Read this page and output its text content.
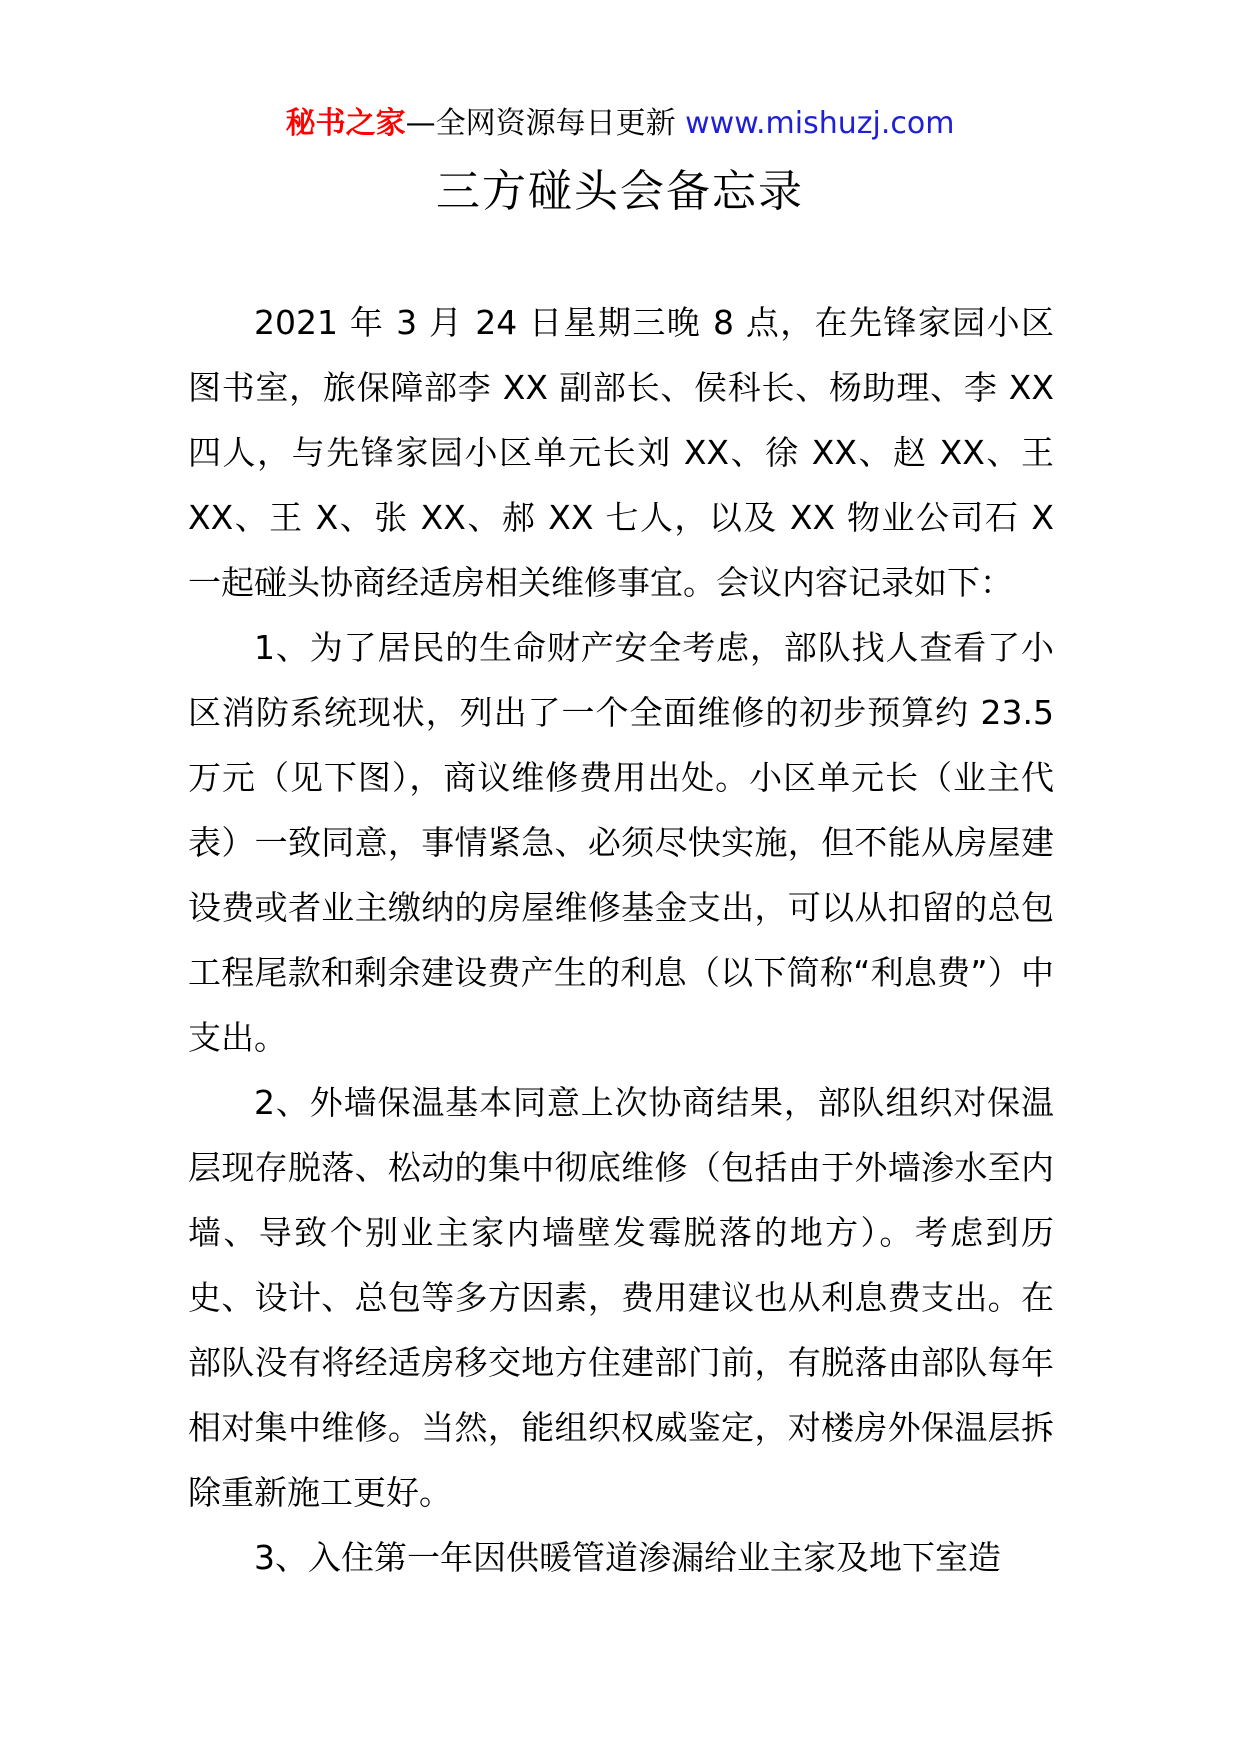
秘书之家—全网资源每日更新 www.mishuzj.com
三方碰头会备忘录

2021 年 3 月 24 日星期三晚 8 点，在先锋家园小区图书室，旅保障部李 XX 副部长、侯科长、杨助理、李 XX 四人，与先锋家园小区单元长刘 XX、徐 XX、赵 XX、王 XX、王 X、张 XX、郝 XX 七人，以及 XX 物业公司石 X 一起碰头协商经适房相关维修事宜。会议内容记录如下：

1、为了居民的生命财产安全考虑，部队找人查看了小区消防系统现状，列出了一个全面维修的初步预算约 23.5 万元（见下图），商议维修费用出处。小区单元长（业主代表）一致同意，事情紧急、必须尽快实施，但不能从房屋建设费或者业主缴纳的房屋维修基金支出，可以从扣留的总包工程尾款和剩余建设费产生的利息（以下简称“利息费”）中支出。

2、外墙保温基本同意上次协商结果，部队组织对保温层现存脱落、松动的集中彻底维修（包括由于外墙渗水至内墙、导致个别业主家内墙壁发霉脱落的地方）。考虑到历史、设计、总包等多方因素，费用建议也从利息费支出。在部队没有将经适房移交地方住建部门前，有脱落由部队每年相对集中维修。当然，能组织权威鉴定，对楼房外保温层拆除重新施工更好。

3、入住第一年因供暖管道渗漏给业主家及地下室造
